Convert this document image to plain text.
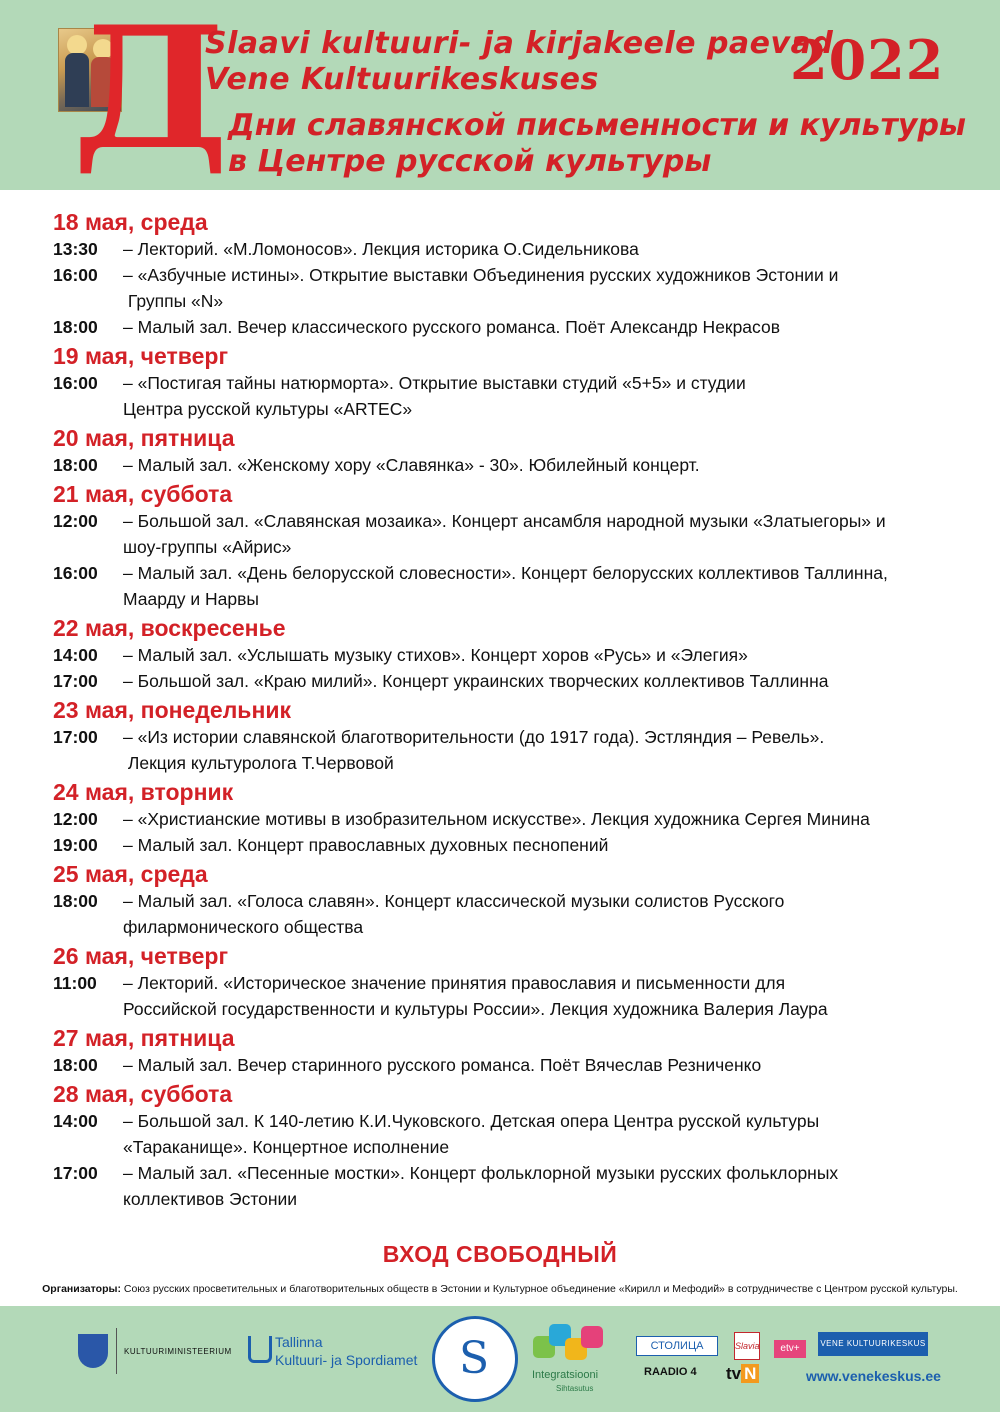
Д
Slaavi kultuuri- ja kirjakeele paevad
Vene Kultuurikeskuses	2022
Дни славянской письменности и культуры
в Центре русской культуры
18 мая, среда
13:30 – Лекторий. «М.Ломоносов». Лекция историка О.Сидельникова
16:00 – «Азбучные истины». Открытие выставки Объединения русских художников Эстонии и
Группы «N»
18:00 – Малый зал. Вечер классического русского романса. Поёт Александр Некрасов
19 мая, четверг
16:00 – «Постигая тайны натюрморта». Открытие выставки студий «5+5» и студии
Центра русской культуры «ARTEC»
20 мая, пятница
18:00 – Малый зал. «Женскому хору «Славянка» - 30». Юбилейный концерт.
21 мая, суббота
12:00 – Большой зал. «Славянская мозаика». Концерт ансамбля народной музыки «Златыегоры» и
шоу-группы «Айрис»
16:00 – Малый зал. «День белорусской словесности». Концерт белорусских коллективов Таллинна,
Маарду и Нарвы
22 мая, воскресенье
14:00 – Малый зал. «Услышать музыку стихов». Концерт хоров «Русь» и «Элегия»
17:00 – Большой зал. «Краю милий». Концерт украинских творческих коллективов Таллинна
23 мая, понедельник
17:00 – «Из истории славянской благотворительности (до 1917 года). Эстляндия – Ревель».
Лекция культуролога Т.Червовой
24 мая, вторник
12:00 – «Христианские мотивы в изобразительном искусстве». Лекция художника Сергея Минина
19:00 – Малый зал. Концерт православных духовных песнопений
25 мая, среда
18:00 – Малый зал. «Голоса славян». Концерт классической музыки солистов Русского
филармонического общества
26 мая, четверг
11:00 – Лекторий. «Историческое значение принятия православия и письменности для
Российской государственности и культуры России». Лекция художника Валерия Лаура
27 мая, пятница
18:00 – Малый зал. Вечер старинного русского романса. Поёт Вячеслав Резниченко
28 мая, суббота
14:00 – Большой зал. К 140-летию К.И.Чуковского. Детская опера Центра русской культуры
«Тараканище». Концертное исполнение
17:00 – Малый зал. «Песенные мостки». Концерт фольклорной музыки русских фольклорных
коллективов Эстонии
ВХОД СВОБОДНЫЙ
Организаторы: Союз русских просветительных и благотворительных обществ в Эстонии и Культурное объединение «Кирилл и Мефодий» в сотрудничестве с Центром русской культуры.
KULTUURIMINISTEERIUM
Tallinna
Kultuuri- ja Spordiamet S	Integratsiooni
Sihtasutus
СТОЛИЦА	Slavia	etv+
RAADIO 4 tv N
VENE KULTUURIKESKUS
www.venekeskus.ee
